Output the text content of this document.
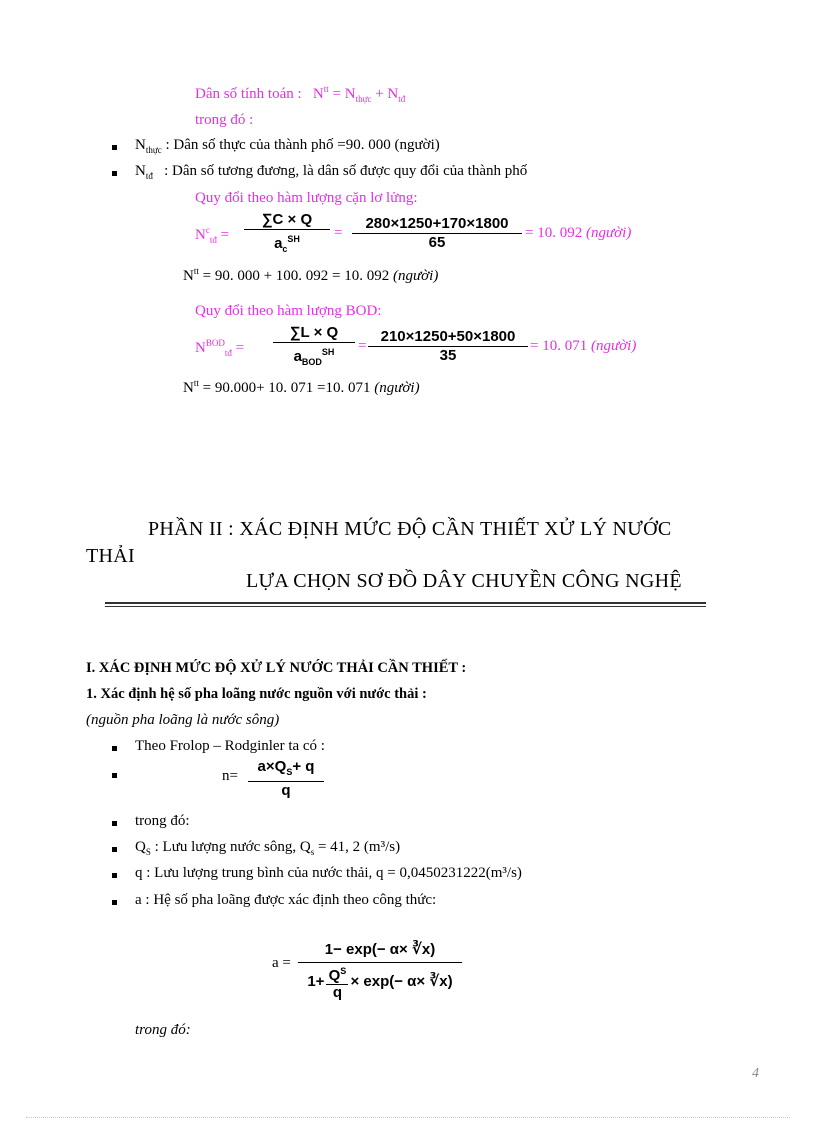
Dân số tính toán : $N^{tt} = N_{thực} + N_{tđ}$
trong đó :
$N_{thực}$ : Dân số thực của thành phố =90. 000 (người)
$N_{tđ}$ : Dân số tương đương, là dân số được quy đổi của thành phố
Quy đổi theo hàm lượng cặn lơ lửng:
$N^c_{tđ}$ =
∑C × Q
$a_c^{SH}$ =
280×1250+170×1800
65
= 10. 092 (người)
$N^{tt} = 90$. 000 + 100. 092 = 10. 092 (người)
Quy đổi theo hàm lượng BOD:
$N^{BOD}_{tđ}$ =
∑L × Q
$a_{BOD}^{SH}$ =
210×1250+50×1800
35
= 10. 071 (người)
$N^{tt} = 90.000+ 10$. 071 =10. 071 (người)
PHẦN II : XÁC ĐỊNH MỨC ĐỘ CẦN THIẾT XỬ LÝ NƯỚC
THẢI
LỰA CHỌN SƠ ĐỒ DÂY CHUYỀN CÔNG NGHỆ
I. XÁC ĐỊNH MỨC ĐỘ XỬ LÝ NƯỚC THẢI CẦN THIẾT :
1. Xác định hệ số pha loãng nước nguồn với nước thải :
(nguồn pha loãng là nước sông)
Theo Frolop – Rodginler ta có :
n=
$a\times Q_S+ q$
q
trong đó:
$Q_S$ : Lưu lượng nước sông, $Q_s = 41$, 2 (m³/s)
q : Lưu lượng trung bình của nước thải, q = 0,0450231222(m³/s)
a : Hệ số pha loãng được xác định theo công thức:
a =
1− exp(− α× ∛x)
$1+ Q^S$
q
× exp(− α× ∛x)
trong đó:
4
